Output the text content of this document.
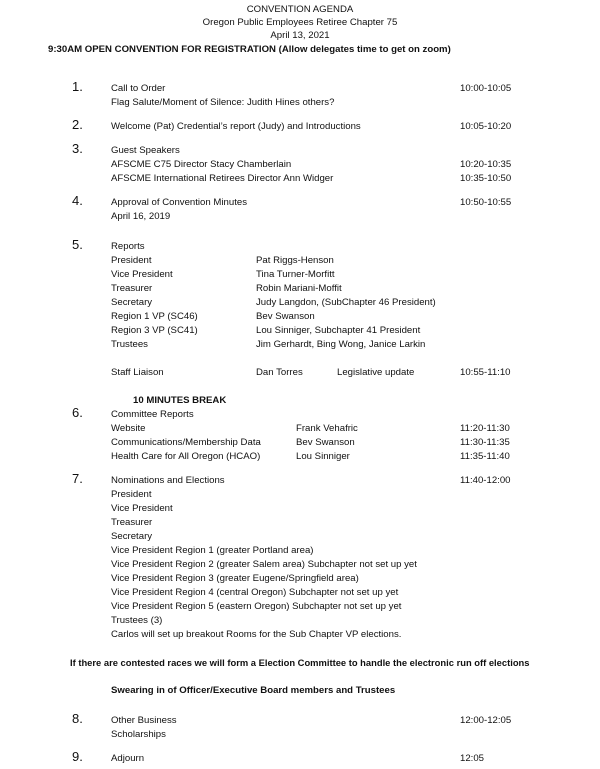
CONVENTION AGENDA
Oregon Public Employees Retiree Chapter 75
April 13, 2021
9:30AM OPEN CONVENTION FOR REGISTRATION (Allow delegates time to get on zoom)
1.	Call to Order	10:00-10:05
Flag Salute/Moment of Silence: Judith Hines others?
2.	Welcome (Pat) Credential’s report (Judy) and Introductions	10:05-10:20
3.	Guest Speakers
AFSCME C75 Director Stacy Chamberlain	10:20-10:35
AFSCME International Retirees Director Ann Widger	10:35-10:50
4.	Approval of Convention Minutes	10:50-10:55
April 16, 2019
5.	Reports
President	Pat Riggs-Henson
Vice President	Tina Turner-Morfitt
Treasurer	Robin Mariani-Moffit
Secretary	Judy Langdon, (SubChapter 46 President)
Region 1 VP (SC46)	Bev Swanson
Region 3 VP (SC41)	Lou Sinniger, Subchapter 41 President
Trustees	Jim Gerhardt, Bing Wong, Janice Larkin
Staff Liaison	Dan Torres	Legislative update	10:55-11:10
10 MINUTES BREAK
6.	Committee Reports
Website	Frank Vehafric	11:20-11:30
Communications/Membership Data	Bev Swanson	11:30-11:35
Health Care for All Oregon (HCAO)	Lou Sinniger	11:35-11:40
7.	Nominations and Elections	11:40-12:00
President
Vice President
Treasurer
Secretary
Vice President Region 1 (greater Portland area)
Vice President Region 2 (greater Salem area) Subchapter not set up yet
Vice President Region 3 (greater Eugene/Springfield area)
Vice President Region 4 (central Oregon) Subchapter not set up yet
Vice President Region 5 (eastern Oregon) Subchapter not set up yet
Trustees (3)
Carlos will set up breakout Rooms for the Sub Chapter VP elections.
If there are contested races we will form a Election Committee to handle the electronic run off elections
Swearing in of Officer/Executive Board members and Trustees
8.	Other Business	12:00-12:05
Scholarships
9.	Adjourn	12:05
